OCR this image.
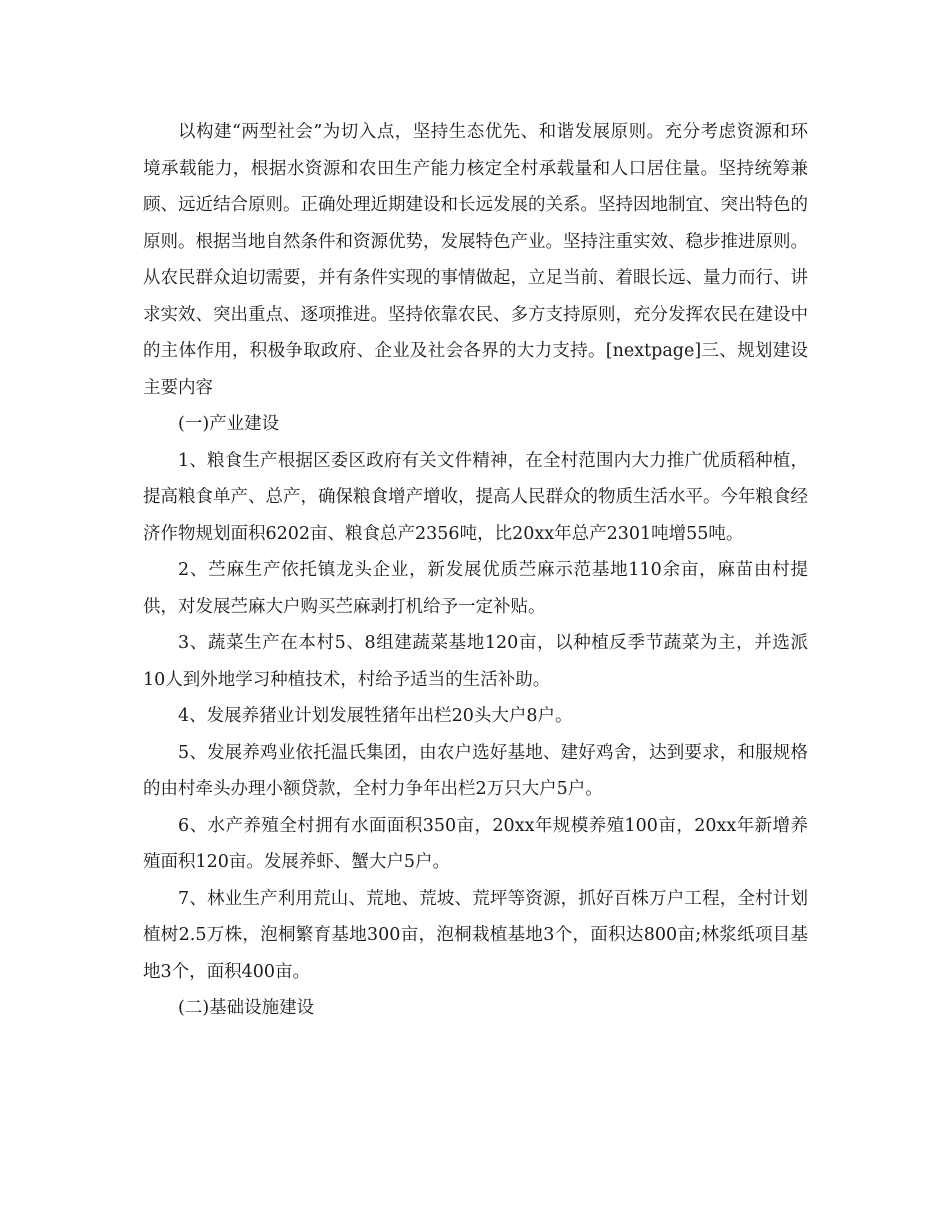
以构建“两型社会”为切入点，坚持生态优先、和谐发展原则。充分考虑资源和环境承载能力，根据水资源和农田生产能力核定全村承载量和人口居住量。坚持统筹兼顾、远近结合原则。正确处理近期建设和长远发展的关系。坚持因地制宜、突出特色的原则。根据当地自然条件和资源优势，发展特色产业。坚持注重实效、稳步推进原则。从农民群众迫切需要，并有条件实现的事情做起，立足当前、着眼长远、量力而行、讲求实效、突出重点、逐项推进。坚持依靠农民、多方支持原则，充分发挥农民在建设中的主体作用，积极争取政府、企业及社会各界的大力支持。[nextpage]三、规划建设主要内容

(一)产业建设

1、粮食生产根据区委区政府有关文件精神，在全村范围内大力推广优质稻种植，提高粮食单产、总产，确保粮食增产增收，提高人民群众的物质生活水平。今年粮食经济作物规划面积6202亩、粮食总产2356吨，比20xx年总产2301吨增55吨。

2、苎麻生产依托镇龙头企业，新发展优质苎麻示范基地110余亩，麻苗由村提供，对发展苎麻大户购买苎麻剥打机给予一定补贴。

3、蔬菜生产在本村5、8组建蔬菜基地120亩，以种植反季节蔬菜为主，并选派10人到外地学习种植技术，村给予适当的生活补助。

4、发展养猪业计划发展牲猪年出栏20头大户8户。

5、发展养鸡业依托温氏集团，由农户选好基地、建好鸡舍，达到要求，和服规格的由村牵头办理小额贷款，全村力争年出栏2万只大户5户。

6、水产养殖全村拥有水面面积350亩，20xx年规模养殖100亩，20xx年新增养殖面积120亩。发展养虾、蟹大户5户。

7、林业生产利用荒山、荒地、荒坡、荒坪等资源，抓好百株万户工程，全村计划植树2.5万株，泡桐繁育基地300亩，泡桐栽植基地3个，面积达800亩;林浆纸项目基地3个，面积400亩。

(二)基础设施建设
